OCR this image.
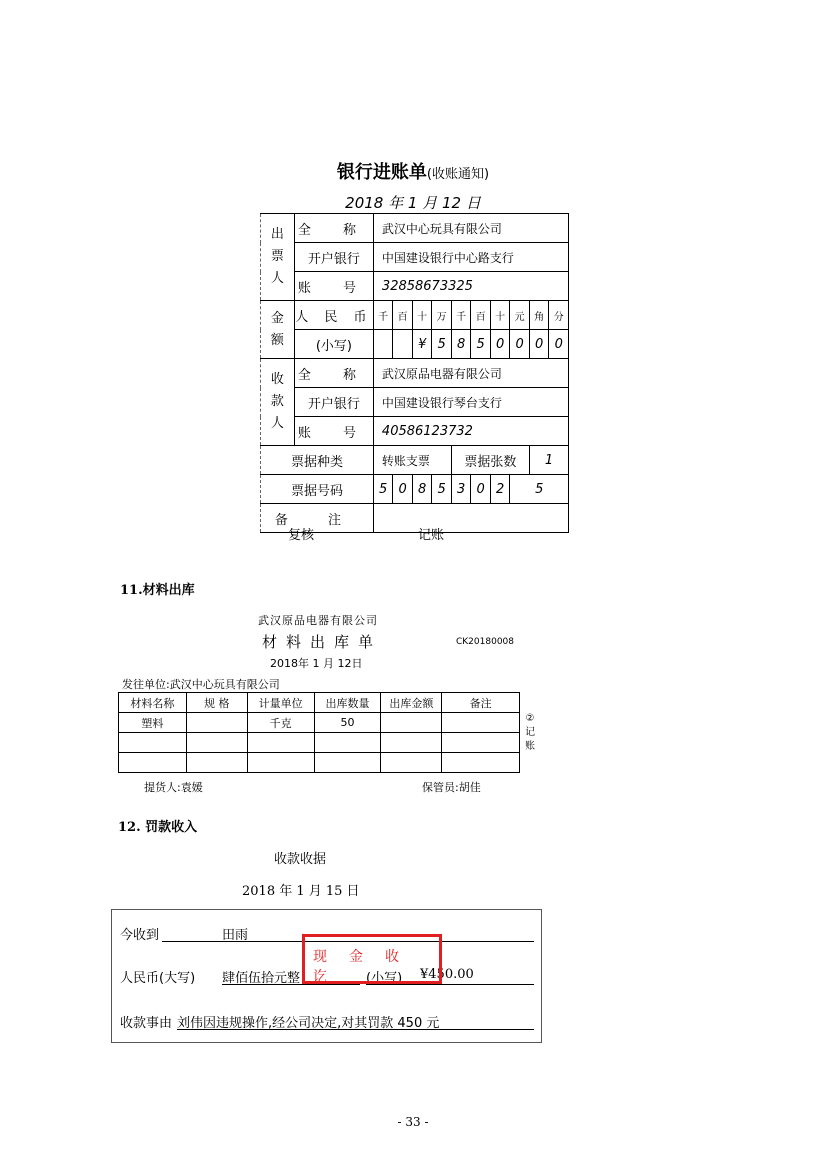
银行进账单(收账通知)
2018 年 1 月 12 日
出
票
人	全 称	武汉中心玩具有限公司									
	开户银行	中国建设银行中心路支行									
	账 号	32858673325									
金
额	人 民 币	千	百	十	万	千	百	十	元	角	分
	(小写)			¥	5	8	5	0	0	0	0
收
款
人	全 称	武汉原品电器有限公司									
	开户银行	中国建设银行琴台支行									
	账 号	40586123732									
票据种类		转账支票				票据张数				1	
票据号码		5	0	8	5	3	0	2	5		
备 注											
复核	记账
11.材料出库
武汉原品电器有限公司
材料出库单	CK20180008
2018年 1 月 12日
发往单位:武汉中心玩具有限公司
材料名称	规 格	计量单位	出库数量	出库金额	备注
塑料		千克	50		

						②记账
提货人:袁媛	保管员:胡佳
12. 罚款收入
收款收据
2018 年 1 月 15 日
今收到	田雨
人民币(大写) 肆佰伍拾元整	(小写) ¥450.00
收款事由 刘伟因违规操作,经公司决定,对其罚款 450 元
现金收讫
- 33 -
